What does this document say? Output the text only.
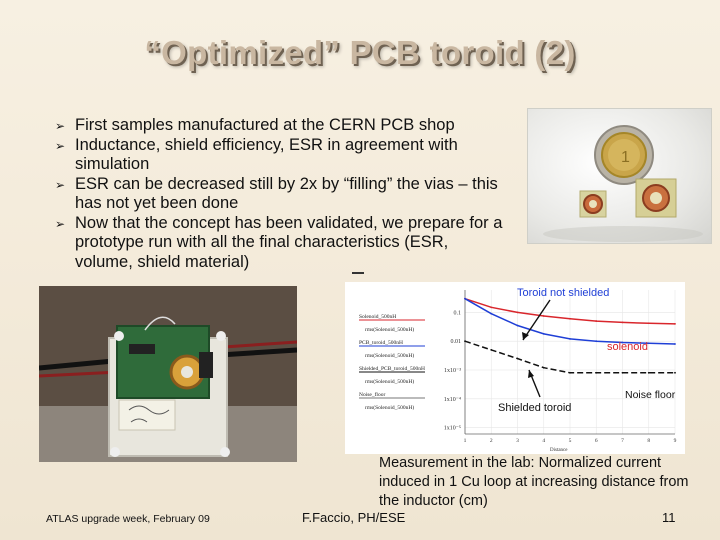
“Optimized” PCB toroid (2)
➢ First samples manufactured at the CERN PCB shop
➢ Inductance, shield efficiency, ESR in agreement with simulation
➢ ESR can be decreased still by 2x by “filling” the vias – this has not yet been done
➢ Now that the concept has been validated, we prepare for a prototype run with all the final characteristics (ESR, volume, shield material)
1
Solenoid_500nH
rms(Solenoid_500nH)
PCB_toroid_500nH
rms(Solenoid_500nH)
Shielded_PCB_toroid_500nH
rms(Solenoid_500nH)
Noise_floor
rms(Solenoid_500nH)
0.1
0.01
1x10⁻³
1x10⁻⁴
1x10⁻⁵
1	2	3	4	5	6	7	8	9
Distance
Toroid not shielded
solenoid
Noise floor
Shielded toroid
Measurement in the lab: Normalized current induced in 1 Cu loop at increasing distance from the inductor (cm)
ATLAS upgrade week, February 09	F.Faccio, PH/ESE	11
